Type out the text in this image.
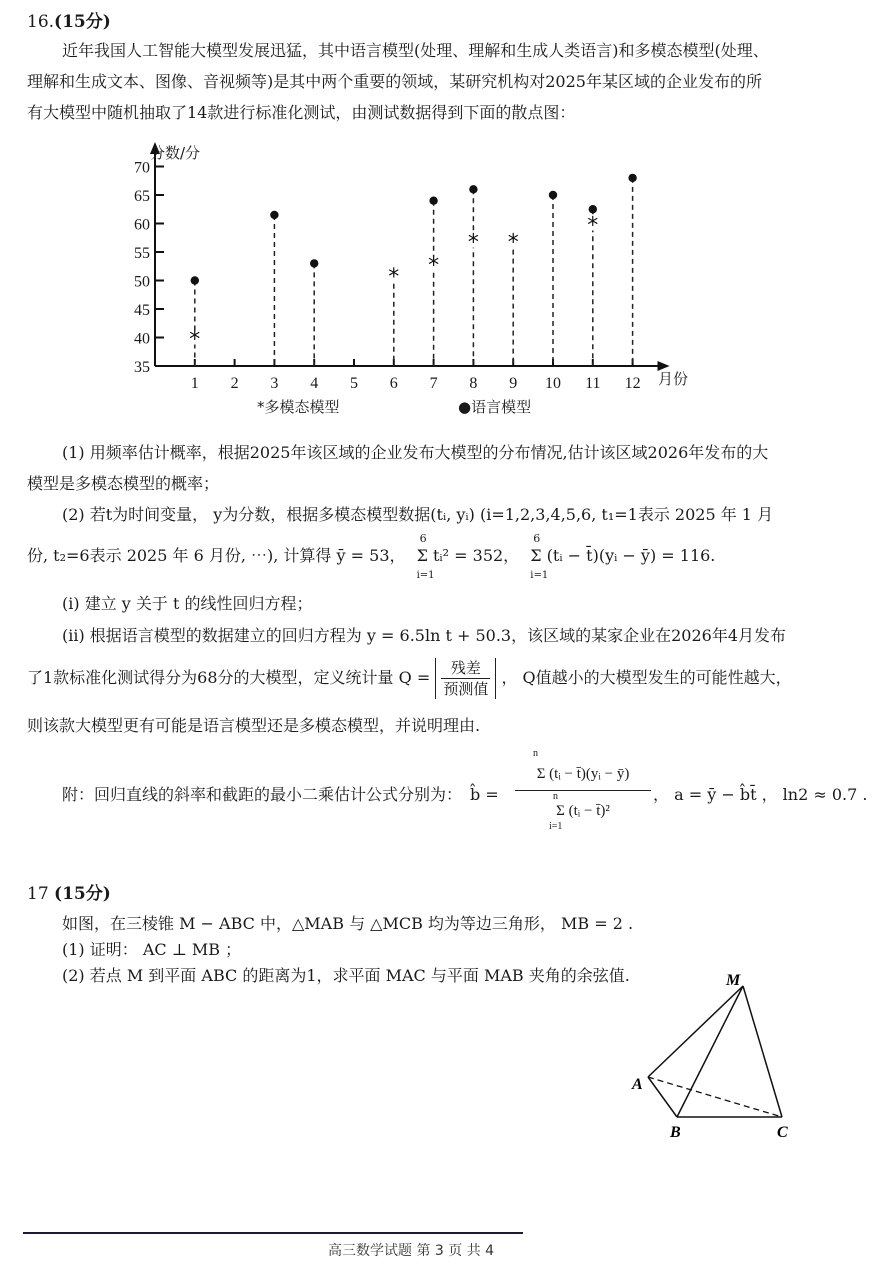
16.(15分)
近年我国人工智能大模型发展迅猛，其中语言模型(处理、理解和生成人类语言)和多模态模型(处理、
理解和生成文本、图像、音视频等)是其中两个重要的领域，某研究机构对2025年某区域的企业发布的所
有大模型中随机抽取了14款进行标准化测试，由测试数据得到下面的散点图：
35
40
45
50
55
60
65
70
1 2 3 4 5 6 7 8 9 10 11 12
*
* *
* *
*
分数/分
月份
*多模态模型	●语言模型
(1) 用频率估计概率，根据2025年该区域的企业发布大模型的分布情况,估计该区域2026年发布的大
模型是多模态模型的概率；
(2) 若t为时间变量， y为分数，根据多模态模型数据(tᵢ, yᵢ) (i=1,2,3,4,5,6, t₁=1表示 2025 年 1 月
份, t₂=6表示 2025 年 6 月份, ⋯), 计算得 ȳ = 53，
6
Σ tᵢ² = 352，
i=1

6
Σ (tᵢ − t̄)(yᵢ − ȳ) = 116.
i=1
(ⅰ) 建立 y 关于 t 的线性回归方程；
(ⅱ) 根据语言模型的数据建立的回归方程为 y = 6.5ln t + 50.3，该区域的某家企业在2026年4月发布
了1款标准化测试得分为68分的大模型，定义统计量 $Q = \frac{\text{残差}}{\text{预测值}}$ ， Q值越小的大模型发生的可能性越大，
则该款大模型更有可能是语言模型还是多模态模型，并说明理由.
附：回归直线的斜率和截距的最小二乘估计公式分别为： b̂ =
n
Σ (tᵢ − t̄)(yᵢ − ȳ)
n
Σ (tᵢ − t̄)²
i=1
， a = ȳ − b̂t̄ ， ln2 ≈ 0.7 .
17 (15分)
如图，在三棱锥 M − ABC 中，△MAB 与 △MCB 均为等边三角形， MB = 2 .
(1) 证明： AC ⊥ MB ；
(2) 若点 M 到平面 ABC 的距离为1，求平面 MAC 与平面 MAB 夹角的余弦值.	M
A
B	C
高三数学试题 第 3 页 共 4
